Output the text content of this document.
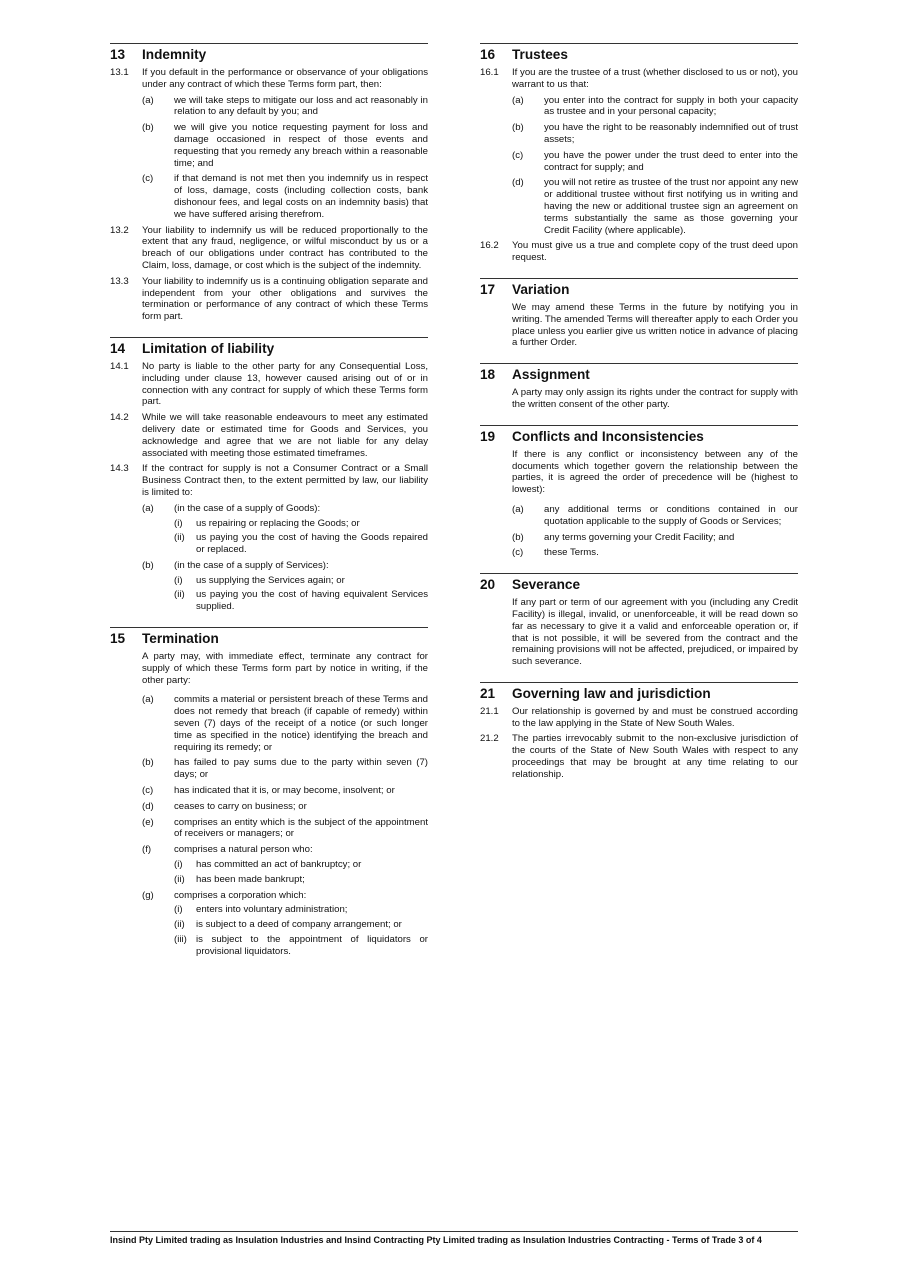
13	Indemnity
13.1	If you default in the performance or observance of your obligations under any contract of which these Terms form part, then:
(a)	we will take steps to mitigate our loss and act reasonably in relation to any default by you; and
(b)	we will give you notice requesting payment for loss and damage occasioned in respect of those events and requesting that you remedy any breach within a reasonable time; and
(c)	if that demand is not met then you indemnify us in respect of loss, damage, costs (including collection costs, bank dishonour fees, and legal costs on an indemnity basis) that we have suffered arising therefrom.
13.2	Your liability to indemnify us will be reduced proportionally to the extent that any fraud, negligence, or wilful misconduct by us or a breach of our obligations under contract has contributed to the Claim, loss, damage, or cost which is the subject of the indemnity.
13.3	Your liability to indemnify us is a continuing obligation separate and independent from your other obligations and survives the termination or performance of any contract of which these Terms form part.
14	Limitation of liability
14.1	No party is liable to the other party for any Consequential Loss, including under clause 13, however caused arising out of or in connection with any contract for supply of which these Terms form part.
14.2	While we will take reasonable endeavours to meet any estimated delivery date or estimated time for Goods and Services, you acknowledge and agree that we are not liable for any delay associated with meeting those estimated timeframes.
14.3	If the contract for supply is not a Consumer Contract or a Small Business Contract then, to the extent permitted by law, our liability is limited to:
(a)	(in the case of a supply of Goods):
(i)	us repairing or replacing the Goods; or
(ii)	us paying you the cost of having the Goods repaired or replaced.
(b)	(in the case of a supply of Services):
(i)	us supplying the Services again; or
(ii)	us paying you the cost of having equivalent Services supplied.
15	Termination
A party may, with immediate effect, terminate any contract for supply of which these Terms form part by notice in writing, if the other party:
(a)	commits a material or persistent breach of these Terms and does not remedy that breach (if capable of remedy) within seven (7) days of the receipt of a notice (or such longer time as specified in the notice) identifying the breach and requiring its remedy; or
(b)	has failed to pay sums due to the party within seven (7) days; or
(c)	has indicated that it is, or may become, insolvent; or
(d)	ceases to carry on business; or
(e)	comprises an entity which is the subject of the appointment of receivers or managers; or
(f)	comprises a natural person who:
(i)	has committed an act of bankruptcy; or
(ii)	has been made bankrupt;
(g)	comprises a corporation which:
(i)	enters into voluntary administration;
(ii)	is subject to a deed of company arrangement; or
(iii) is subject to the appointment of liquidators or provisional liquidators.
16	Trustees
16.1	If you are the trustee of a trust (whether disclosed to us or not), you warrant to us that:
(a)	you enter into the contract for supply in both your capacity as trustee and in your personal capacity;
(b)	you have the right to be reasonably indemnified out of trust assets;
(c)	you have the power under the trust deed to enter into the contract for supply; and
(d)	you will not retire as trustee of the trust nor appoint any new or additional trustee without first notifying us in writing and having the new or additional trustee sign an agreement on terms substantially the same as those governing your Credit Facility (where applicable).
16.2	You must give us a true and complete copy of the trust deed upon request.
17	Variation
We may amend these Terms in the future by notifying you in writing. The amended Terms will thereafter apply to each Order you place unless you earlier give us written notice in advance of placing a further Order.
18	Assignment
A party may only assign its rights under the contract for supply with the written consent of the other party.
19	Conflicts and Inconsistencies
If there is any conflict or inconsistency between any of the documents which together govern the relationship between the parties, it is agreed the order of precedence will be (highest to lowest):
(a)	any additional terms or conditions contained in our quotation applicable to the supply of Goods or Services;
(b)	any terms governing your Credit Facility; and
(c)	these Terms.
20	Severance
If any part or term of our agreement with you (including any Credit Facility) is illegal, invalid, or unenforceable, it will be read down so far as necessary to give it a valid and enforceable operation or, if that is not possible, it will be severed from the contract and the remaining provisions will not be affected, prejudiced, or impaired by such severance.
21	Governing law and jurisdiction
21.1	Our relationship is governed by and must be construed according to the law applying in the State of New South Wales.
21.2	The parties irrevocably submit to the non-exclusive jurisdiction of the courts of the State of New South Wales with respect to any proceedings that may be brought at any time relating to our relationship.
Insind Pty Limited trading as Insulation Industries and Insind Contracting Pty Limited trading as Insulation Industries Contracting - Terms of Trade 3 of 4
